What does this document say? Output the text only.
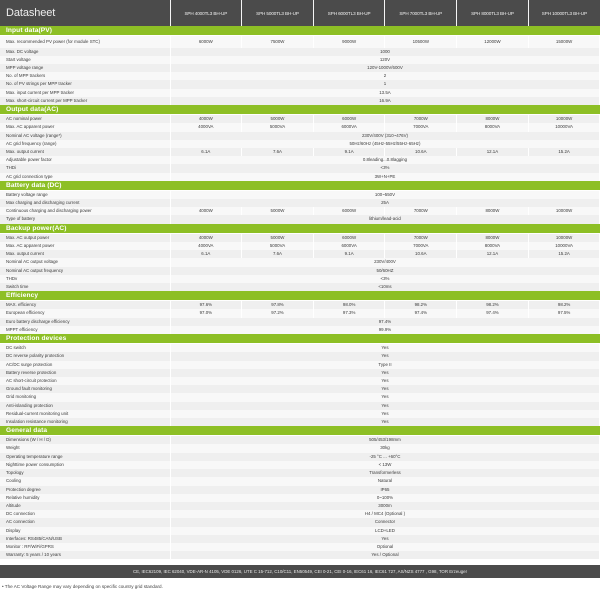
Datasheet	SPH 4000TL3 BH-UP	SPH 5000TL3 BH-UP	SPH 6000TL3 BH-UP	SPH 7000TL3 BH-UP	SPH 8000TL3 BH-UP	SPH 10000TL3 BH-UP
Input data(PV)						
Max. recommended PV power (for module STC)	6000W	7500W	9000W	10500W	12000W	15000W
Max. DC voltage	1000					
Start voltage	120V					
MPP voltage range	120V-1000V/600V					
No. of MPP trackers	2					
No. of PV strings per MPP tracker	1					
Max. input current per MPP tracker	13.5A					
Max. short-circuit current per MPP tracker	16.9A					
Output data(AC)						
AC nominal power	4000W	5000W	6000W	7000W	8000W	10000W
Max. AC apparent power	4000VA	5000VA	6000VA	7000VA	8000VA	10000VA
Nominal AC voltage (range*)	230V/400V (310~476V)					
AC grid frequency (range)	50Hz/60Hz (45Hz-55Hz/55Hz-65Hz)					
Max. output current	6.1A	7.6A	9.1A	10.6A	12.1A	15.2A
Adjustable power factor	0.8leading...0.8lagging					
THDi	<3%					
AC grid connection type	3W+N+PE					
Battery data (DC)						
Battery voltage range	100~550V					
Max charging and discharging current	25A					
Continuous charging and discharging power	4000W	5000W	6000W	7000W	8000W	10000W
Type of battery	lithium/lead-acid					
Backup power(AC)						
Max. AC output power	4000W	5000W	6000W	7000W	8000W	10000W
Max. AC apparent power	4000VA	5000VA	6000VA	7000VA	8000VA	10000VA
Max. output current	6.1A	7.6A	9.1A	10.6A	12.1A	15.2A
Nominal AC output voltage	230V/400V					
Nominal AC output frequency	50/60HZ					
THDv	<3%					
Switch time	<10ms					
Efficiency						
MAX. efficiency	97.6%	97.8%	98.0%	98.2%	98.2%	98.2%
European efficiency	97.0%	97.2%	97.3%	97.4%	97.4%	97.5%
Euro battery discharge efficiency	97.4%					
MPPT efficiency	99.9%					
Protection devices						
DC switch	Yes					
DC reverse polarity protection	Yes					
AC/DC surge protection	Type II					
Battery reverse protection	Yes					
AC short-circuit protection	Yes					
Ground fault monitoring	Yes					
Grid monitoring	Yes					
Anti-islanding protection	Yes					
Residual-current monitoring unit	Yes					
Insulation resistance monitoring	Yes					
General data						
Dimensions (W / H / D)	505/453/198mm					
Weight	30kg					
Operating temperature range	-25 °C ... +60°C					
Nighttime power consumption	< 13W					
Topology	Transformerless					
Cooling	Natural					
Protection degree	IP65					
Relative humidity	0~100%					
Altitude	3000m					
DC connection	H4 / MC4 (Optional )					
AC connection	Connector					
Display	LCD+LED					
Interfaces: RS485/CAN/USB	Yes					
Monitor : RF/WiFi/GPRS	Optional					
Warranty: 5 years / 10 years	Yes / Optional					
CE, IEC62109, IEC 62040, VDE-AR-N 4105, VDE 0126, UTE C 15-712, C10/C11, EN50549, CEI 0-21, CEI 0-16, IEC61 16, IEC61 727, AS/NZS 4777 , G98, TOR Erzeuger
• The AC Voltage Range may vary depending on specific country grid standard.
